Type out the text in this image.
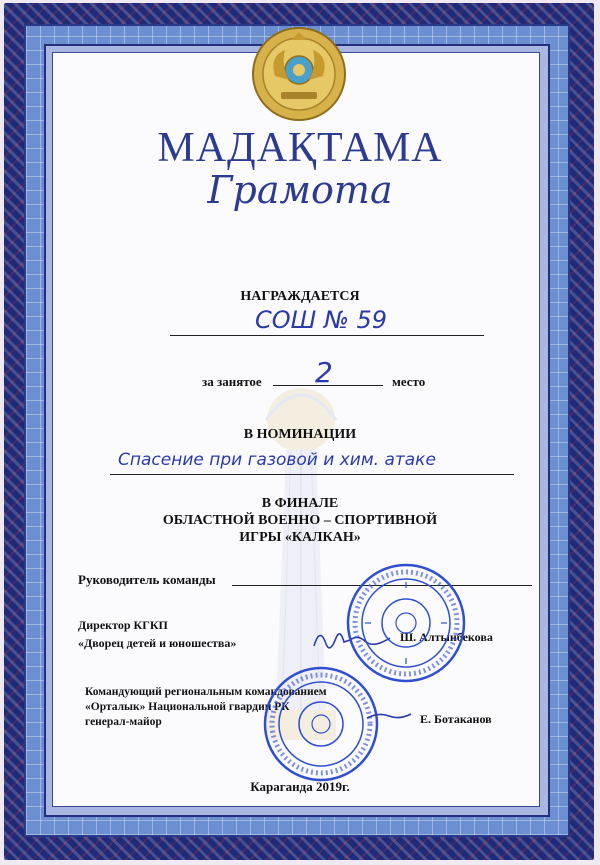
МАДАҚТАМА
Грамота
НАГРАЖДАЕТСЯ
СОШ № 59
за занятое 2	место
В НОМИНАЦИИ
Спасение при газовой и хим. атаке
В ФИНАЛЕ
ОБЛАСТНОЙ ВОЕННО – СПОРТИВНОЙ
ИГРЫ «КАЛКАН»
Руководитель команды
Директор КГКП
«Дворец детей и юношества»	Ш. Алтынбекова
Командующий региональным командованием
«Орталык» Национальной гвардии РК
генерал-майор	Е. Ботаканов
Караганда 2019г.
